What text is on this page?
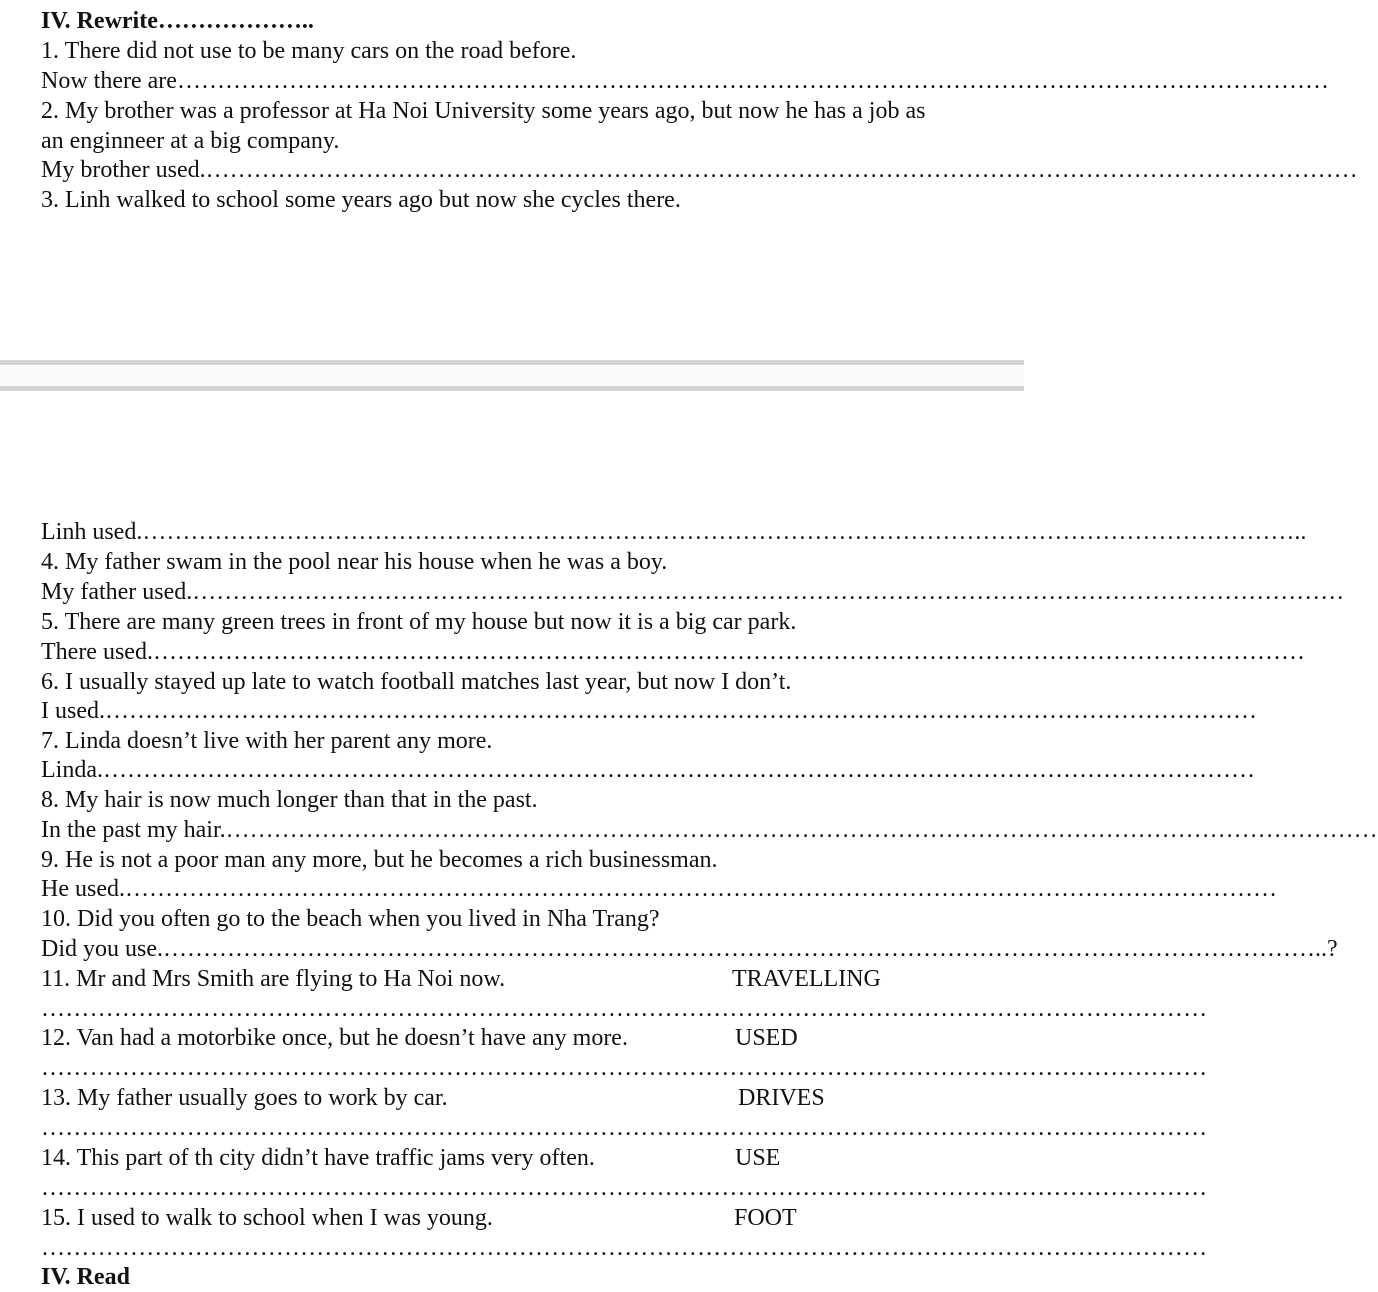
IV. Rewrite………………..
1. There did not use to be many cars on the road before.
Now there are ………………………………………………………………………………………………………………………………
2. My brother was a professor at Ha Noi University some years ago, but now he has a job as
an enginneer at a big company.
My brother used. ………………………………………………………………………………………………………………………………
3. Linh walked to school some years ago but now she cycles there.
Linh used. ……………………………………………………………………………………………………………………………… ..
4. My father swam in the pool near his house when he was a boy.
My father used. ………………………………………………………………………………………………………………………………
5. There are many green trees in front of my house but now it is a big car park.
There used. ………………………………………………………………………………………………………………………………
6. I usually stayed up late to watch football matches last year, but now I don’t.
I used. ………………………………………………………………………………………………………………………………
7. Linda doesn’t live with her parent any more.
Linda. ………………………………………………………………………………………………………………………………
8. My hair is now much longer than that in the past.
In the past my hair. ………………………………………………………………………………………………………………………………
9. He is not a poor man any more, but he becomes a rich businessman.
He used. ………………………………………………………………………………………………………………………………
10. Did you often go to the beach when you lived in Nha Trang?
Did you use. ……………………………………………………………………………………………………………………………… ..?
11. Mr and Mrs Smith are flying to Ha Noi now.	TRAVELLING
………………………………………………………………………………………………………………………………
12. Van had a motorbike once, but he doesn’t have any more.	USED
………………………………………………………………………………………………………………………………
13. My father usually goes to work by car.	DRIVES
………………………………………………………………………………………………………………………………
14. This part of th city didn’t have traffic jams very often.	USE
………………………………………………………………………………………………………………………………
15. I used to walk to school when I was young.	FOOT
………………………………………………………………………………………………………………………………
IV. Read
